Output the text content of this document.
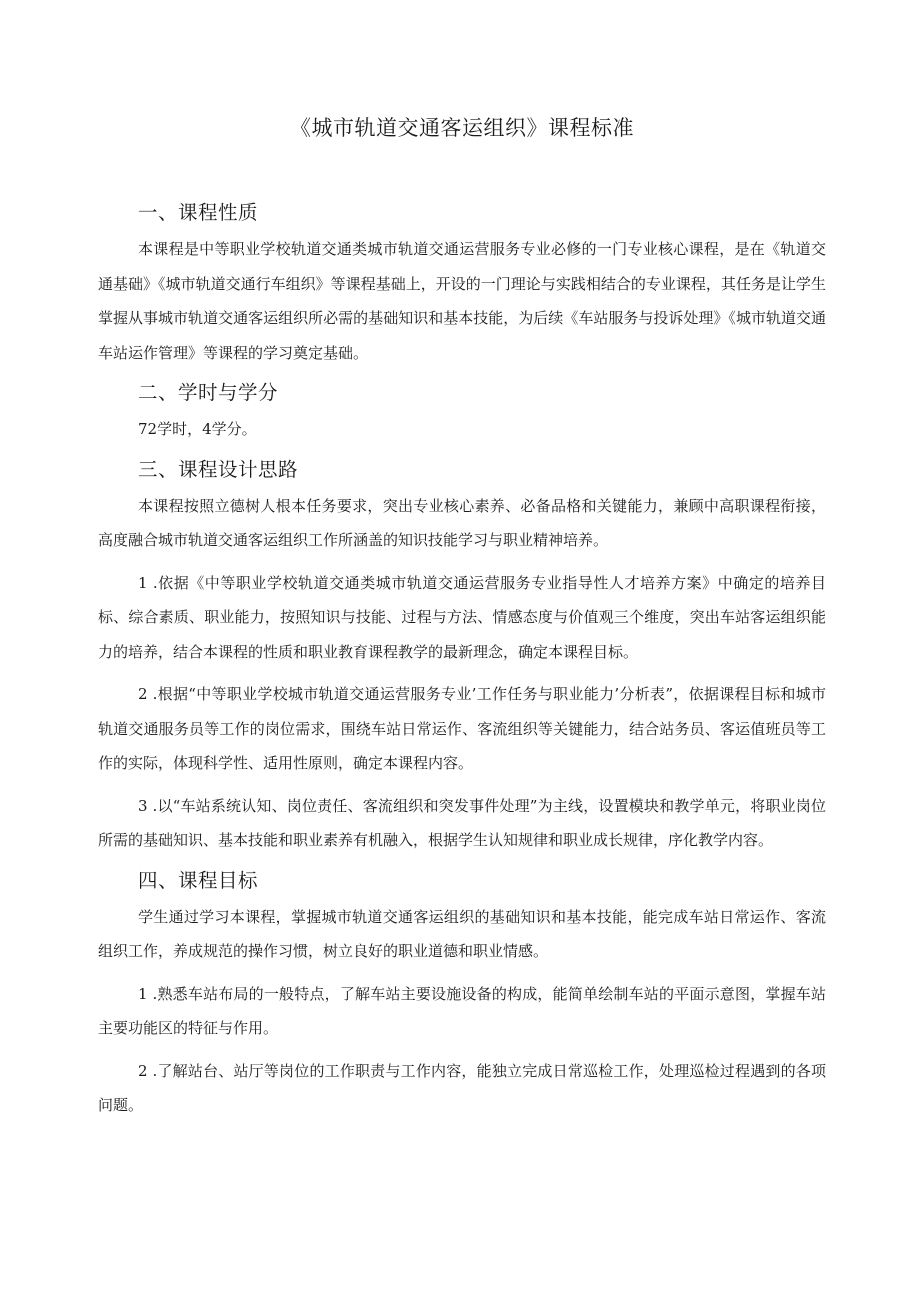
《城市轨道交通客运组织》课程标准
一、课程性质

本课程是中等职业学校轨道交通类城市轨道交通运营服务专业必修的一门专业核心课程，是在《轨道交通基础》《城市轨道交通行车组织》等课程基础上，开设的一门理论与实践相结合的专业课程，其任务是让学生掌握从事城市轨道交通客运组织所必需的基础知识和基本技能，为后续《车站服务与投诉处理》《城市轨道交通车站运作管理》等课程的学习奠定基础。

二、学时与学分

72学时，4学分。

三、课程设计思路

本课程按照立德树人根本任务要求，突出专业核心素养、必备品格和关键能力，兼顾中高职课程衔接，高度融合城市轨道交通客运组织工作所涵盖的知识技能学习与职业精神培养。

1 .依据《中等职业学校轨道交通类城市轨道交通运营服务专业指导性人才培养方案》中确定的培养目标、综合素质、职业能力，按照知识与技能、过程与方法、情感态度与价值观三个维度，突出车站客运组织能力的培养，结合本课程的性质和职业教育课程教学的最新理念，确定本课程目标。

2 .根据“中等职业学校城市轨道交通运营服务专业’工作任务与职业能力’分析表”，依据课程目标和城市轨道交通服务员等工作的岗位需求，围绕车站日常运作、客流组织等关键能力，结合站务员、客运值班员等工作的实际，体现科学性、适用性原则，确定本课程内容。

3 .以“车站系统认知、岗位责任、客流组织和突发事件处理”为主线，设置模块和教学单元，将职业岗位所需的基础知识、基本技能和职业素养有机融入，根据学生认知规律和职业成长规律，序化教学内容。

四、课程目标

学生通过学习本课程，掌握城市轨道交通客运组织的基础知识和基本技能，能完成车站日常运作、客流组织工作，养成规范的操作习惯，树立良好的职业道德和职业情感。

1 .熟悉车站布局的一般特点，了解车站主要设施设备的构成，能简单绘制车站的平面示意图，掌握车站主要功能区的特征与作用。

2 .了解站台、站厅等岗位的工作职责与工作内容，能独立完成日常巡检工作，处理巡检过程遇到的各项问题。
